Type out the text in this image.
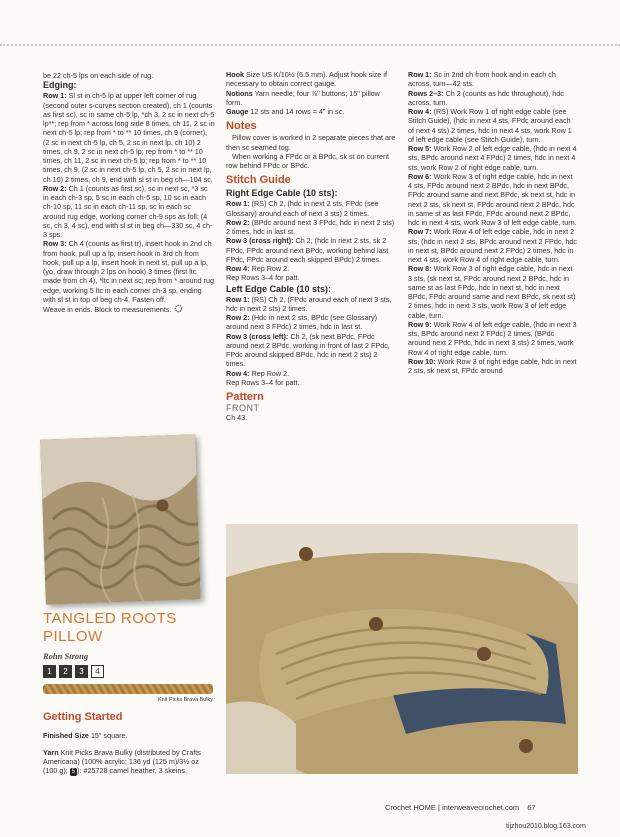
be 22 ch-5 lps on each side of rug.

Edging:

Row 1: Sl st in ch-5 lp at upper left corner of rug (second outer s-curves section created), ch 1 (counts as first sc), sc in same ch-5 lp, *ch 3, 2 sc in next ch-5 lp**; rep from * across long side 8 times, ch 11, 2 sc in next ch-5 lp; rep from * to ** 10 times, ch 9 (corner), (2 sc in next ch-5 lp, ch 5, 2 sc in next lp, ch 10) 2 times, ch 9, 2 sc in next ch-5 lp; rep from * to ** 10 times, ch 11, 2 sc in next ch-5 lp; rep from * to ** 10 times, ch 9, (2 sc in next ch-5 lp, ch 5, 2 sc in next lp, ch 10) 2 times, ch 9, end with sl st in beg ch—104 sc.

Row 2: Ch 1 (counts as first sc), sc in next sc, *3 sc in each ch-3 sp, 5 sc in each ch-5 sp, 10 sc in each ch-10 sp, 11 sc in each ch-11 sp, sc in each sc around rug edge, working corner ch-9 sps as foll: (4 sc, ch 3, 4 sc), end with sl st in beg ch—330 sc, 4 ch-3 sps.

Row 3: Ch 4 (counts as first tr), insert hook in 2nd ch from hook, pull up a lp, insert hook in 3rd ch from hook, pull up a lp, insert hook in next st, pull up a lp, (yo, draw through 2 lps on hook) 3 times (first ltc made from ch 4), *ltc in next sc; rep from * around rug edge, working 5 ltc in each corner ch-3 sp, ending with sl st in top of beg ch-4. Fasten off.

Weave in ends. Block to measurements.

TANGLED ROOTS PILLOW
Rohn Strong
1	2	3	4
Knit Picks Brava Bulky
Getting Started

Finished Size 15" square.

Yarn Knit Picks Brava Bulky (distributed by Crafts Americana) (100% acrylic; 136 yd (125 m)/3½ oz (100 g); 5 ): #25728 camel heather, 3 skeins.

Hook Size US K/10½ (6.5 mm). Adjust hook size if necessary to obtain correct gauge.

Notions Yarn needle; four ⅞" buttons; 15" pillow form.

Gauge 12 sts and 14 rows = 4" in sc.

Notes

Pillow cover is worked in 2 separate pieces that are then sc seamed tog.

When working a FPdc or a BPdc, sk st on current row behind FPdc or BPdc.

Stitch Guide
Right Edge Cable (10 sts):

Row 1: (RS) Ch 2, (hdc in next 2 sts, FPdc (see Glossary) around each of next 3 sts) 2 times.

Row 2: (BPdc around next 3 FPdc, hdc in next 2 sts) 2 times, hdc in last st.

Row 3 (cross right): Ch 2, (hdc in next 2 sts, sk 2 FPdc, FPdc around next BPdc, working behind last FPdc, FPdc around each skipped BPdc) 2 times.

Row 4: Rep Row 2.

Rep Rows 3–4 for patt.

Left Edge Cable (10 sts):

Row 1: (RS) Ch 2, (FPdc around each of next 3 sts, hdc in next 2 sts) 2 times.

Row 2: (Hdc in next 2 sts, BPdc (see Glossary) around next 3 FPdc) 2 times, hdc in last st.

Row 3 (cross left): Ch 2, (sk next BPdc, FPdc around next 2 BPdc, working in front of last 2 FPdc, FPdc around skipped BPdc, hdc in next 2 sts) 2 times.

Row 4: Rep Row 2.

Rep Rows 3–4 for patt.

Pattern
FRONT

Ch 43.

Row 1: Sc in 2nd ch from hook and in each ch across, turn—42 sts.

Rows 2–3: Ch 2 (counts as hdc throughout), hdc across, turn.

Row 4: (RS) Work Row 1 of right edge cable (see Stitch Guide), (hdc in next 4 sts, FPdc around each of next 4 sts) 2 times, hdc in next 4 sts, work Row 1 of left edge cable (see Stitch Guide), turn.

Row 5: Work Row 2 of left edge cable, (hdc in next 4 sts, BPdc around next 4 FPdc) 2 times, hdc in next 4 sts, work Row 2 of right edge cable, turn.

Row 6: Work Row 3 of right edge cable, hdc in next 4 sts, FPdc around next 2 BPdc, hdc in next BPdc, FPdc around same and next BPdc, sk next st, hdc in next 2 sts, sk next st, FPdc around next 2 BPdc, hdc in same st as last FPdc, FPdc around next 2 BPdc, hdc in next 4 sts, work Row 3 of left edge cable, turn.

Row 7: Work Row 4 of left edge cable, hdc in next 2 sts, (hdc in next 2 sts, BPdc around next 2 FPdc, hdc in next st, BPdc around next 2 FPdc) 2 times, hdc in next 4 sts, work Row 4 of right edge cable, turn.

Row 8: Work Row 3 of right edge cable, hdc in next 3 sts, (sk next st, FPdc around next 2 BPdc, hdc in same st as last FPdc, hdc in next st, hdc in next BPdc, FPdc around same and next BPdc, sk next st) 2 times, hdc in next 3 sts, work Row 3 of left edge cable, turn.

Row 9: Work Row 4 of left edge cable, (hdc in next 3 sts, BPdc around next 2 FPdc) 2 times, (BPdc around next 2 FPdc, hdc in next 3 sts) 2 times, work Row 4 of right edge cable, turn.

Row 10: Work Row 3 of right edge cable, hdc in next 2 sts, sk next st, FPdc around

Crochet HOME | interweavecrochet.com 67
tijzhou2010.blog.163.com
